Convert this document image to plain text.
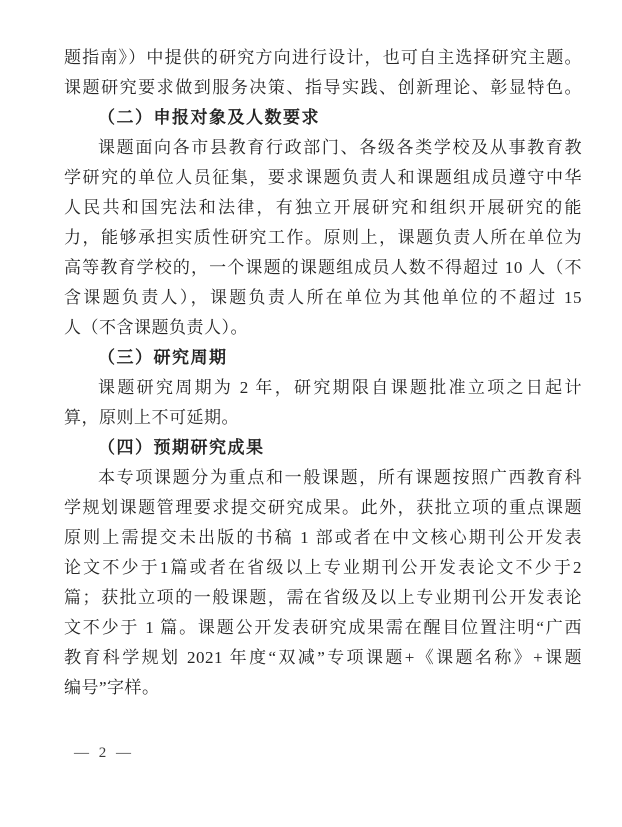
题指南》）中提供的研究方向进行设计，也可自主选择研究主题。
课题研究要求做到服务决策、指导实践、创新理论、彰显特色。
（二）申报对象及人数要求
课题面向各市县教育行政部门、各级各类学校及从事教育教
学研究的单位人员征集，要求课题负责人和课题组成员遵守中华
人民共和国宪法和法律，有独立开展研究和组织开展研究的能
力，能够承担实质性研究工作。原则上，课题负责人所在单位为
高等教育学校的，一个课题的课题组成员人数不得超过 10 人（不
含课题负责人），课题负责人所在单位为其他单位的不超过 15
人（不含课题负责人）。
（三）研究周期
课题研究周期为 2 年，研究期限自课题批准立项之日起计
算，原则上不可延期。
（四）预期研究成果
本专项课题分为重点和一般课题，所有课题按照广西教育科
学规划课题管理要求提交研究成果。此外，获批立项的重点课题
原则上需提交未出版的书稿 1 部或者在中文核心期刊公开发表
论文不少于1篇或者在省级以上专业期刊公开发表论文不少于2
篇；获批立项的一般课题，需在省级及以上专业期刊公开发表论
文不少于 1 篇。课题公开发表研究成果需在醒目位置注明“广西
教育科学规划 2021 年度“双减”专项课题+《课题名称》+课题
编号”字样。
— 2 —
